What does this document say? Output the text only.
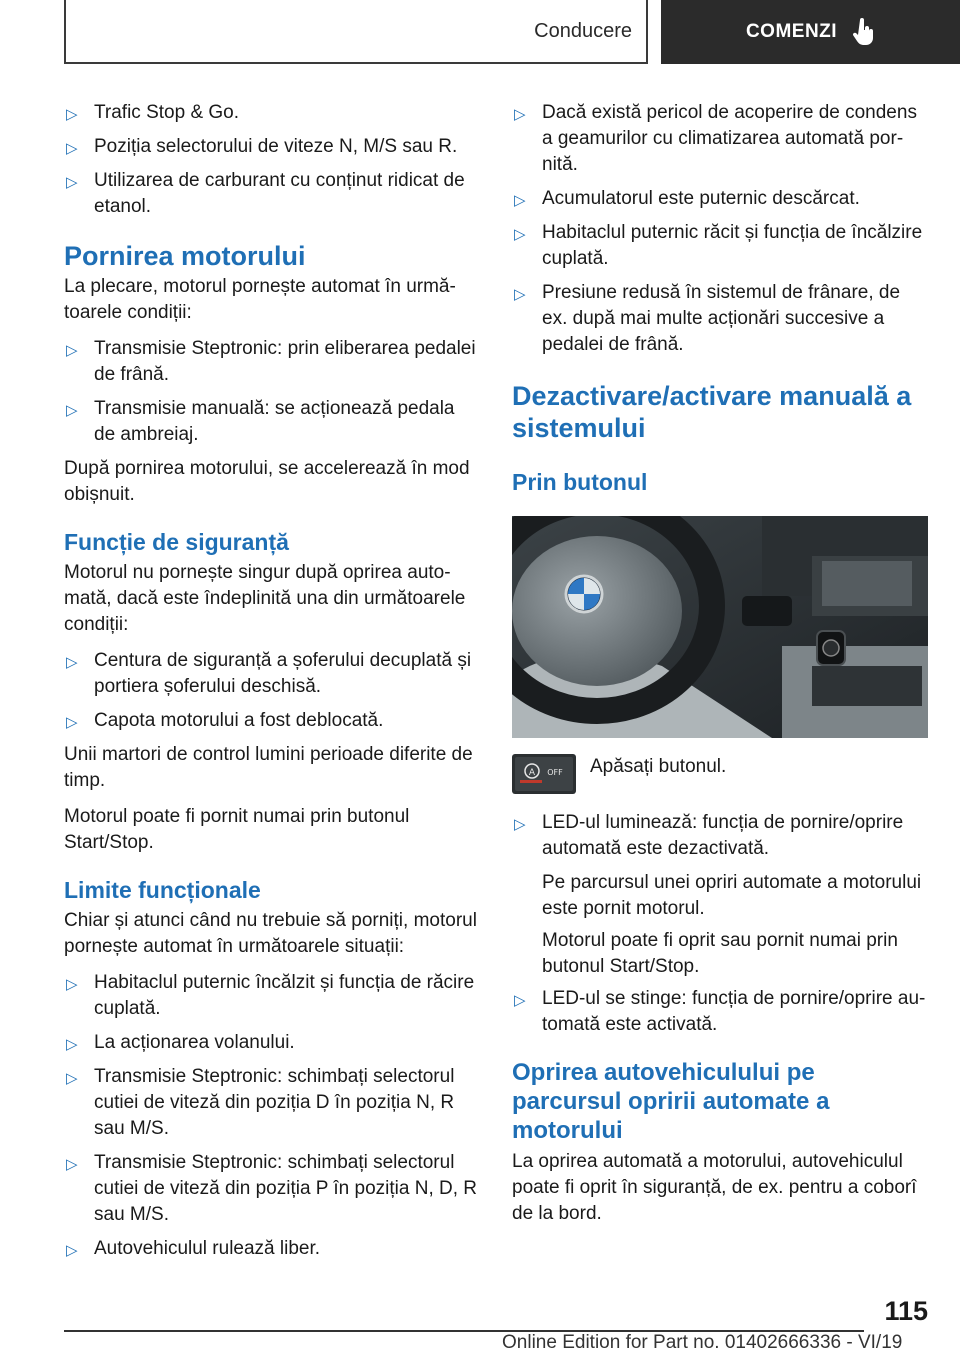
Conducere	COMENZI
▷ Trafic Stop & Go.
▷ Poziția selectorului de viteze N, M/S sau R.
▷ Utilizarea de carburant cu conținut ridicat de etanol.
Pornirea motorului

La plecare, motorul pornește automat în următoarele condiții:

▷ Transmisie Steptronic: prin eliberarea pedalei de frână.
▷ Transmisie manuală: se acționează pedala de ambreiaj.

După pornirea motorului, se accelerează în mod obișnuit.

Funcție de siguranță

Motorul nu pornește singur după oprirea automată, dacă este îndeplinită una din următoarele condiții:

▷ Centura de siguranță a șoferului decuplată și portiera șoferului deschisă.
▷ Capota motorului a fost deblocată.

Unii martori de control lumini perioade diferite de timp.

Motorul poate fi pornit numai prin butonul Start/Stop.

Limite funcționale

Chiar și atunci când nu trebuie să porniți, motorul pornește automat în următoarele situații:

▷ Habitaclul puternic încălzit și funcția de răcire cuplată.
▷ La acționarea volanului.
▷ Transmisie Steptronic: schimbați selectorul cutiei de viteză din poziția D în poziția N, R sau M/S.
▷ Transmisie Steptronic: schimbați selectorul cutiei de viteză din poziția P în poziția N, D, R sau M/S.
▷ Autovehiculul rulează liber.
▷ Dacă există pericol de acoperire de condens a geamurilor cu climatizarea automată pornită.
▷ Acumulatorul este puternic descărcat.
▷ Habitaclul puternic răcit și funcția de încălzire cuplată.
▷ Presiune redusă în sistemul de frânare, de ex. după mai multe acționări succesive a pedalei de frână.
Dezactivare/activare manuală a sistemului
Prin butonul
A OFF Apăsați butonul.
▷ LED-ul luminează: funcția de pornire/oprire automată este dezactivată.

Pe parcursul unei opriri automate a motorului este pornit motorul.

Motorul poate fi oprit sau pornit numai prin butonul Start/Stop.

▷ LED-ul se stinge: funcția de pornire/oprire automată este activată.
Oprirea autovehiculului pe parcursul opririi automate a motorului

La oprirea automată a motorului, autovehiculul poate fi oprit în siguranță, de ex. pentru a coborî de la bord.

115
Online Edition for Part no. 01402666336 - VI/19
